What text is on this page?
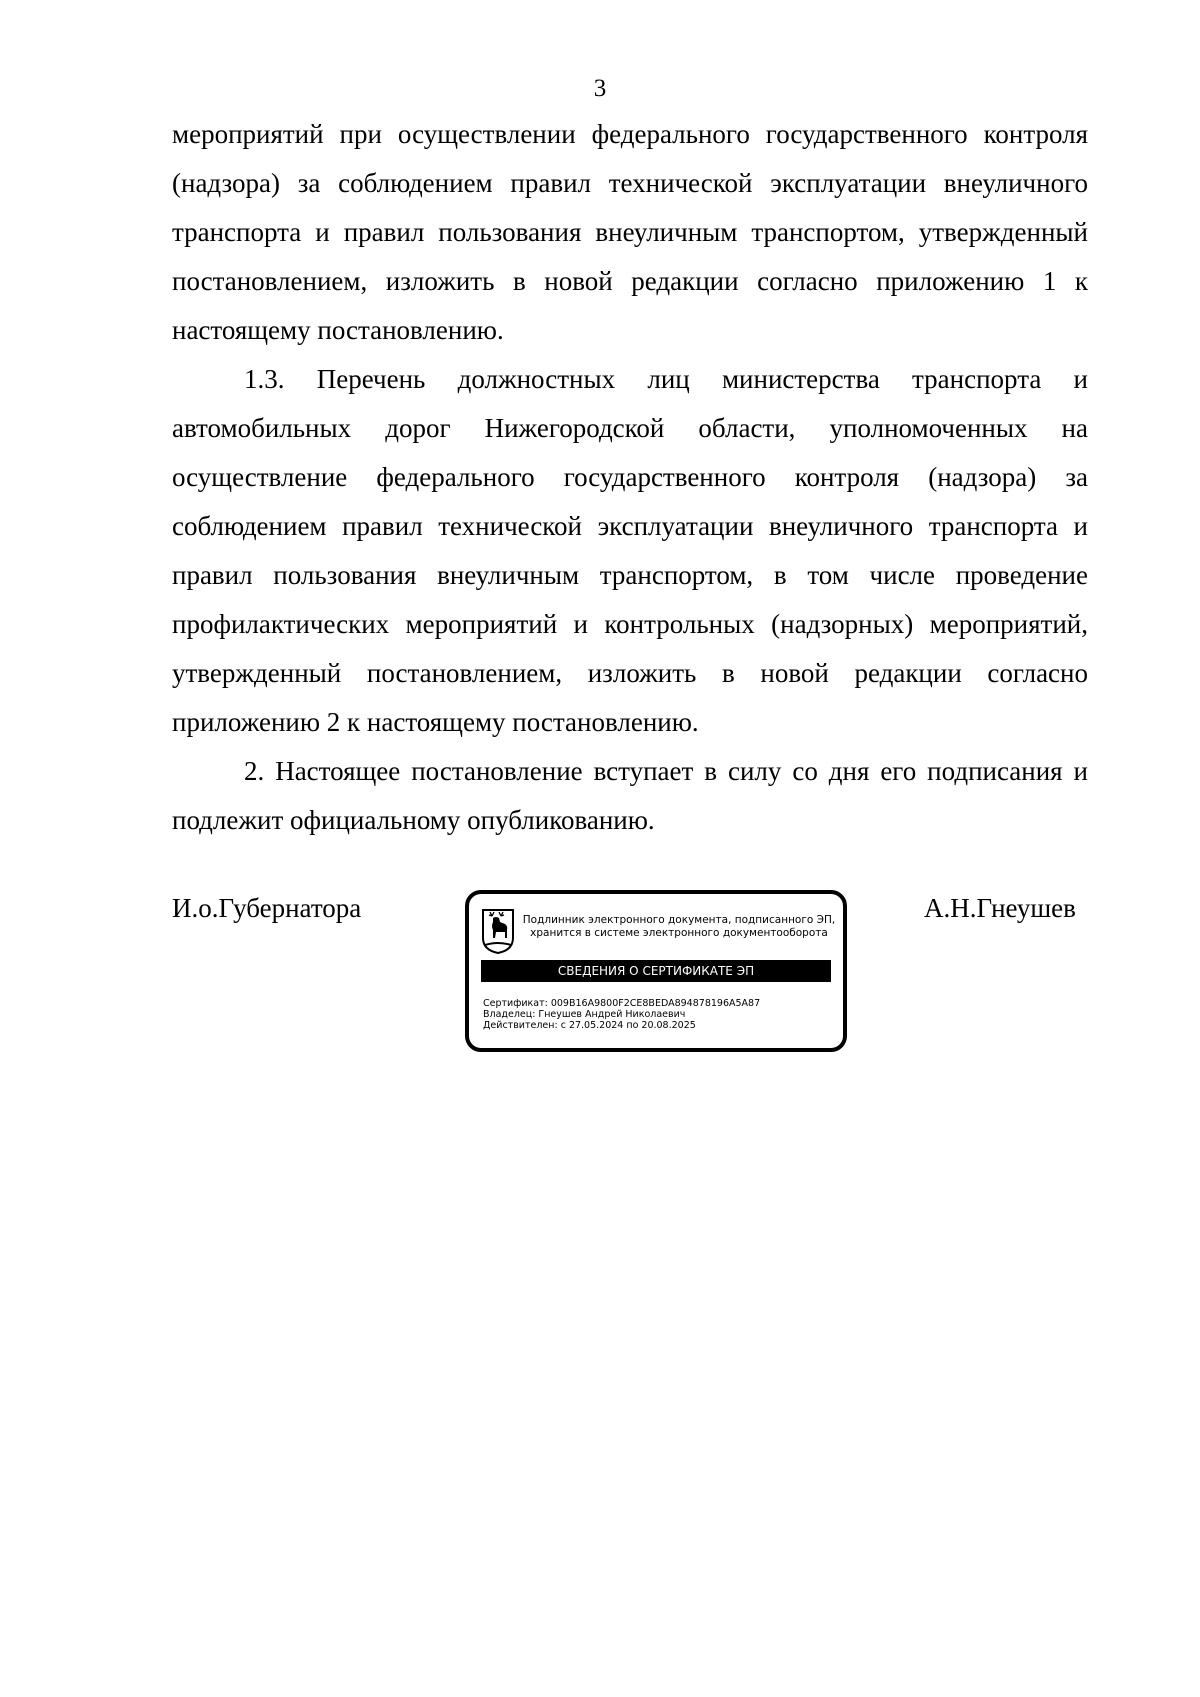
3

мероприятий при осуществлении федерального государственного контроля (надзора) за соблюдением правил технической эксплуатации внеуличного транспорта и правил пользования внеуличным транспортом, утвержденный постановлением, изложить в новой редакции согласно приложению 1 к настоящему постановлению.

1.3. Перечень должностных лиц министерства транспорта и автомобильных дорог Нижегородской области, уполномоченных на осуществление федерального государственного контроля (надзора) за соблюдением правил технической эксплуатации внеуличного транспорта и правил пользования внеуличным транспортом, в том числе проведение профилактических мероприятий и контрольных (надзорных) мероприятий, утвержденный постановлением, изложить в новой редакции согласно приложению 2 к настоящему постановлению.

2. Настоящее постановление вступает в силу со дня его подписания и подлежит официальному опубликованию.

И.о.Губернатора	А.Н.Гнеушев
Подлинник электронного документа, подписанного ЭП,
хранится в системе электронного документооборота
СВЕДЕНИЯ О СЕРТИФИКАТЕ ЭП
Сертификат: 009B16A9800F2CE8BEDA894878196A5A87
Владелец: Гнеушев Андрей Николаевич
Действителен: с 27.05.2024 по 20.08.2025
